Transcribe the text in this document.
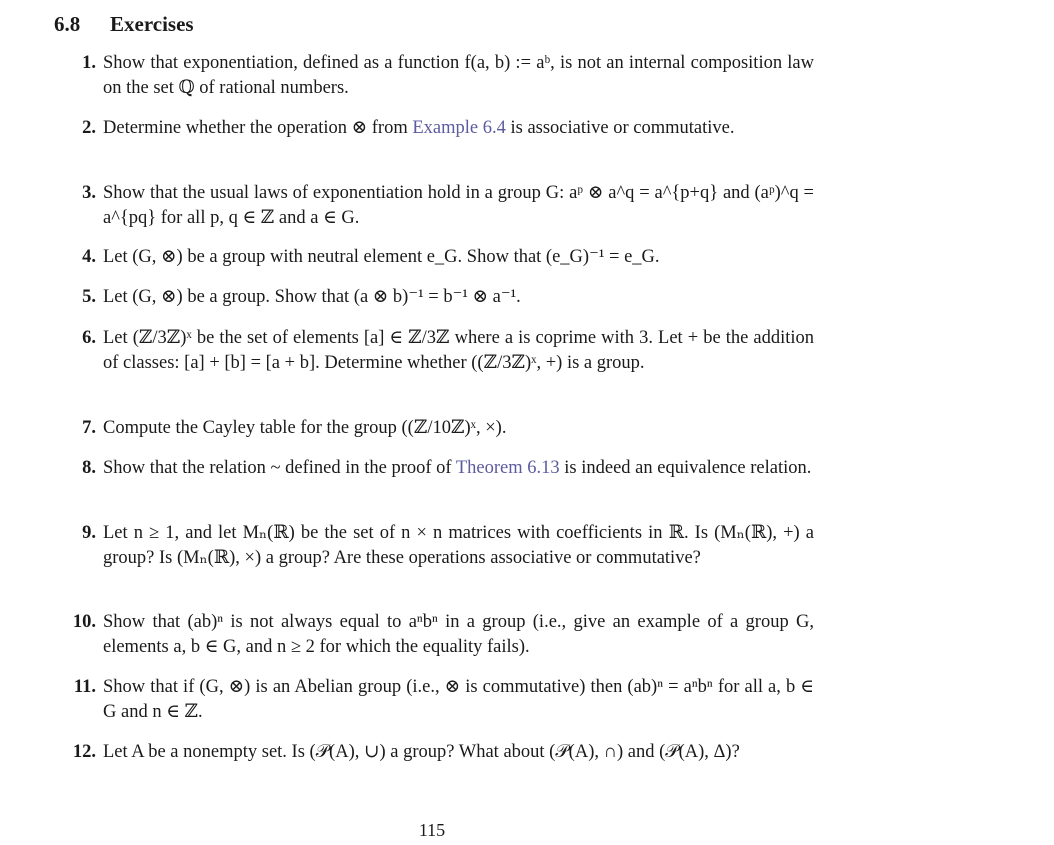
6.8 Exercises
1. Show that exponentiation, defined as a function f(a, b) := aᵇ, is not an internal composition law on the set ℚ of rational numbers.
2. Determine whether the operation ⊗ from Example 6.4 is associative or commutative.
3. Show that the usual laws of exponentiation hold in a group G: aᵖ ⊗ a^q = a^{p+q} and (aᵖ)^q = a^{pq} for all p, q ∈ ℤ and a ∈ G.
4. Let (G, ⊗) be a group with neutral element e_G. Show that (e_G)⁻¹ = e_G.
5. Let (G, ⊗) be a group. Show that (a ⊗ b)⁻¹ = b⁻¹ ⊗ a⁻¹.
6. Let (ℤ/3ℤ)ˣ be the set of elements [a] ∈ ℤ/3ℤ where a is coprime with 3. Let + be the addition of classes: [a] + [b] = [a + b]. Determine whether ((ℤ/3ℤ)ˣ, +) is a group.
7. Compute the Cayley table for the group ((ℤ/10ℤ)ˣ, ×).
8. Show that the relation ~ defined in the proof of Theorem 6.13 is indeed an equivalence relation.
9. Let n ≥ 1, and let Mₙ(ℝ) be the set of n × n matrices with coefficients in ℝ. Is (Mₙ(ℝ), +) a group? Is (Mₙ(ℝ), ×) a group? Are these operations associative or commutative?
10. Show that (ab)ⁿ is not always equal to aⁿbⁿ in a group (i.e., give an example of a group G, elements a, b ∈ G, and n ≥ 2 for which the equality fails).
11. Show that if (G, ⊗) is an Abelian group (i.e., ⊗ is commutative) then (ab)ⁿ = aⁿbⁿ for all a, b ∈ G and n ∈ ℤ.
12. Let A be a nonempty set. Is (𝒫(A), ∪) a group? What about (𝒫(A), ∩) and (𝒫(A), Δ)?
115
